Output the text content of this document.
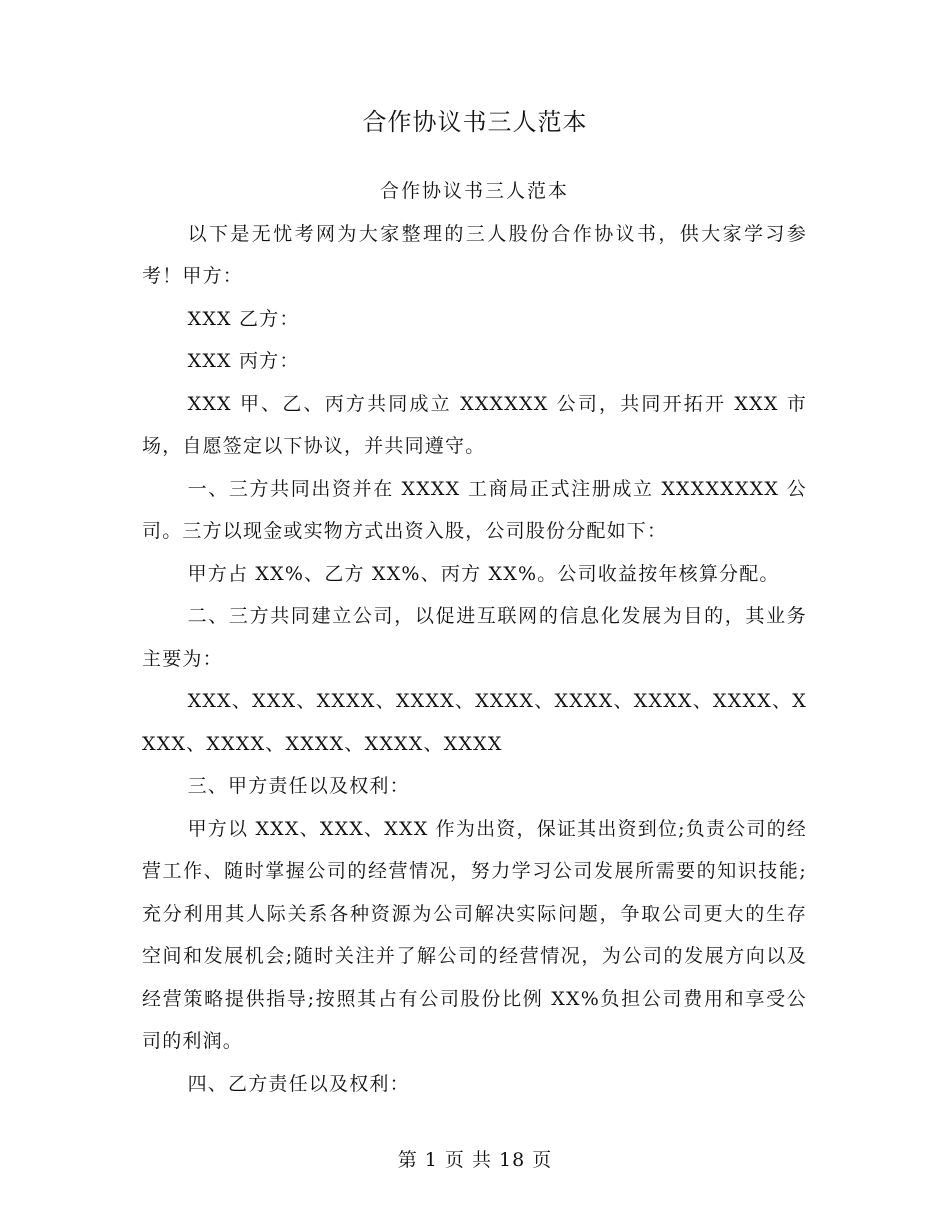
合作协议书三人范本

合作协议书三人范本

以下是无忧考网为大家整理的三人股份合作协议书，供大家学习参考！甲方：

XXX 乙方：

XXX 丙方：

XXX 甲、乙、丙方共同成立 XXXXXX 公司，共同开拓开 XXX 市场，自愿签定以下协议，并共同遵守。

一、三方共同出资并在 XXXX 工商局正式注册成立 XXXXXXXX 公司。三方以现金或实物方式出资入股，公司股份分配如下：

甲方占 XX%、乙方 XX%、丙方 XX%。公司收益按年核算分配。

二、三方共同建立公司，以促进互联网的信息化发展为目的，其业务主要为：

XXX、XXX、XXXX、XXXX、XXXX、XXXX、XXXX、XXXX、XXXX、XXXX、XXXX、XXXX、XXXX

三、甲方责任以及权利：

甲方以 XXX、XXX、XXX 作为出资，保证其出资到位;负责公司的经营工作、随时掌握公司的经营情况，努力学习公司发展所需要的知识技能;充分利用其人际关系各种资源为公司解决实际问题，争取公司更大的生存空间和发展机会;随时关注并了解公司的经营情况，为公司的发展方向以及经营策略提供指导;按照其占有公司股份比例 XX%负担公司费用和享受公司的利润。

四、乙方责任以及权利：

第 1 页 共 18 页
